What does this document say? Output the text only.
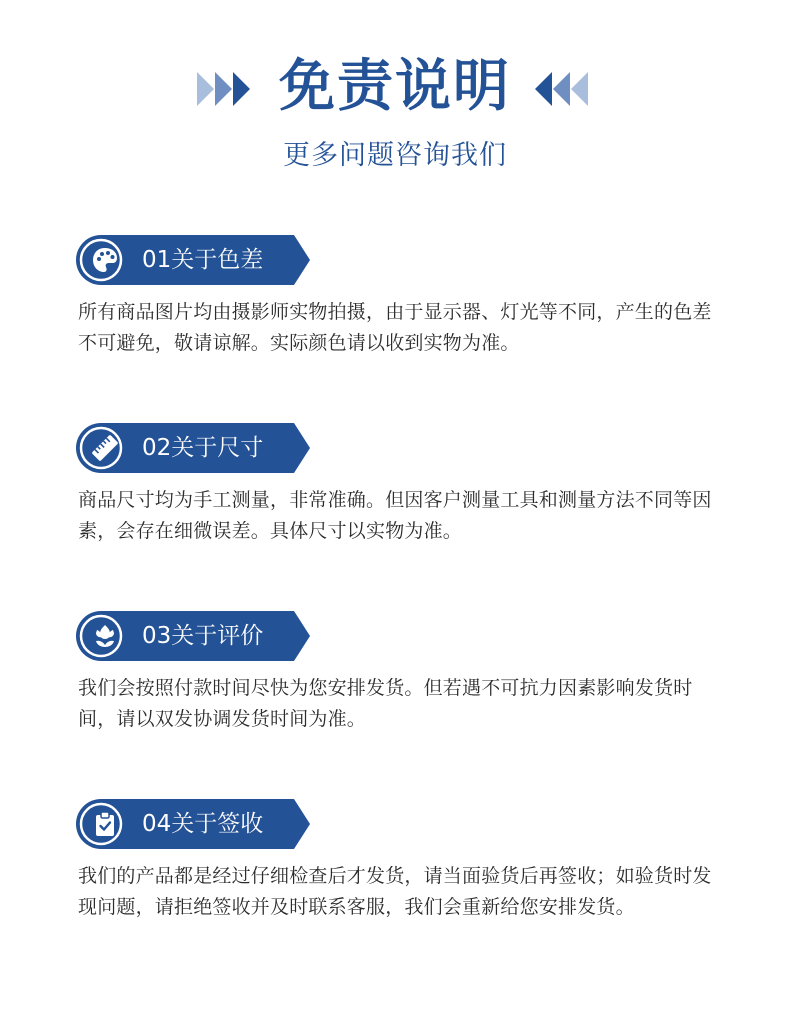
免责说明
更多问题咨询我们
01关于色差
所有商品图片均由摄影师实物拍摄，由于显示器、灯光等不同，产生的色差不可避免，敬请谅解。实际颜色请以收到实物为准。
02关于尺寸
商品尺寸均为手工测量，非常准确。但因客户测量工具和测量方法不同等因素，会存在细微误差。具体尺寸以实物为准。
03关于评价
我们会按照付款时间尽快为您安排发货。但若遇不可抗力因素影响发货时间，请以双发协调发货时间为准。
04关于签收
我们的产品都是经过仔细检查后才发货，请当面验货后再签收；如验货时发现问题，请拒绝签收并及时联系客服，我们会重新给您安排发货。
